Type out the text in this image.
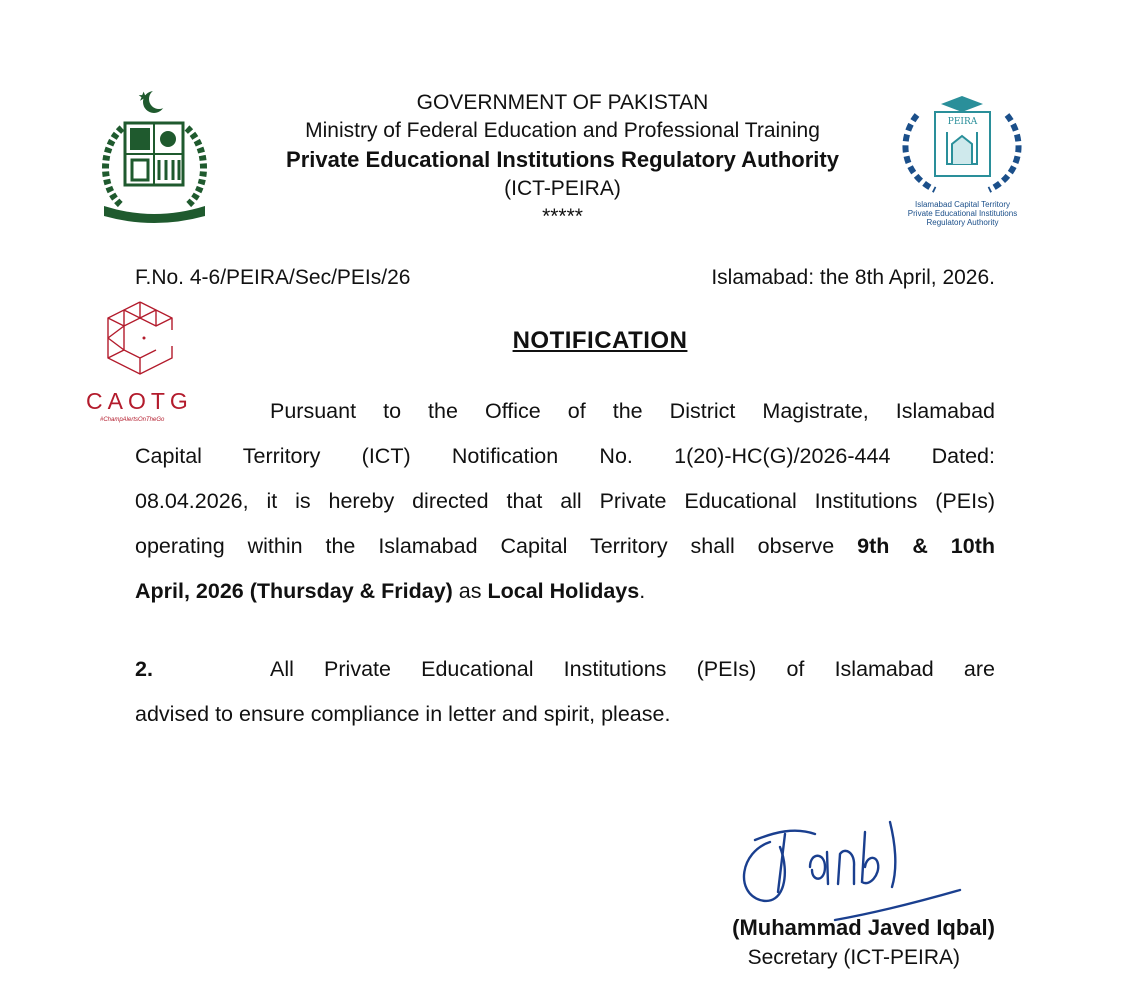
GOVERNMENT OF PAKISTAN
Ministry of Federal Education and Professional Training
Private Educational Institutions Regulatory Authority
(ICT-PEIRA)
*****
PEIRA
Islamabad Capital Territory
Private Educational Institutions
Regulatory Authority
F.No. 4-6/PEIRA/Sec/PEIs/26	Islamabad: the 8th April, 2026.
CAOTG
#ChampAlertsOnTheGo
NOTIFICATION
Pursuant to the Office of the District Magistrate, Islamabad
Capital Territory (ICT) Notification No. 1(20)-HC(G)/2026-444 Dated:
08.04.2026, it is hereby directed that all Private Educational Institutions (PEIs)
operating within the Islamabad Capital Territory shall observe 9th & 10th
April, 2026 (Thursday & Friday) as Local Holidays.
2.	All Private Educational Institutions (PEIs) of Islamabad are
advised to ensure compliance in letter and spirit, please.
(Muhammad Javed Iqbal)
Secretary (ICT-PEIRA)
